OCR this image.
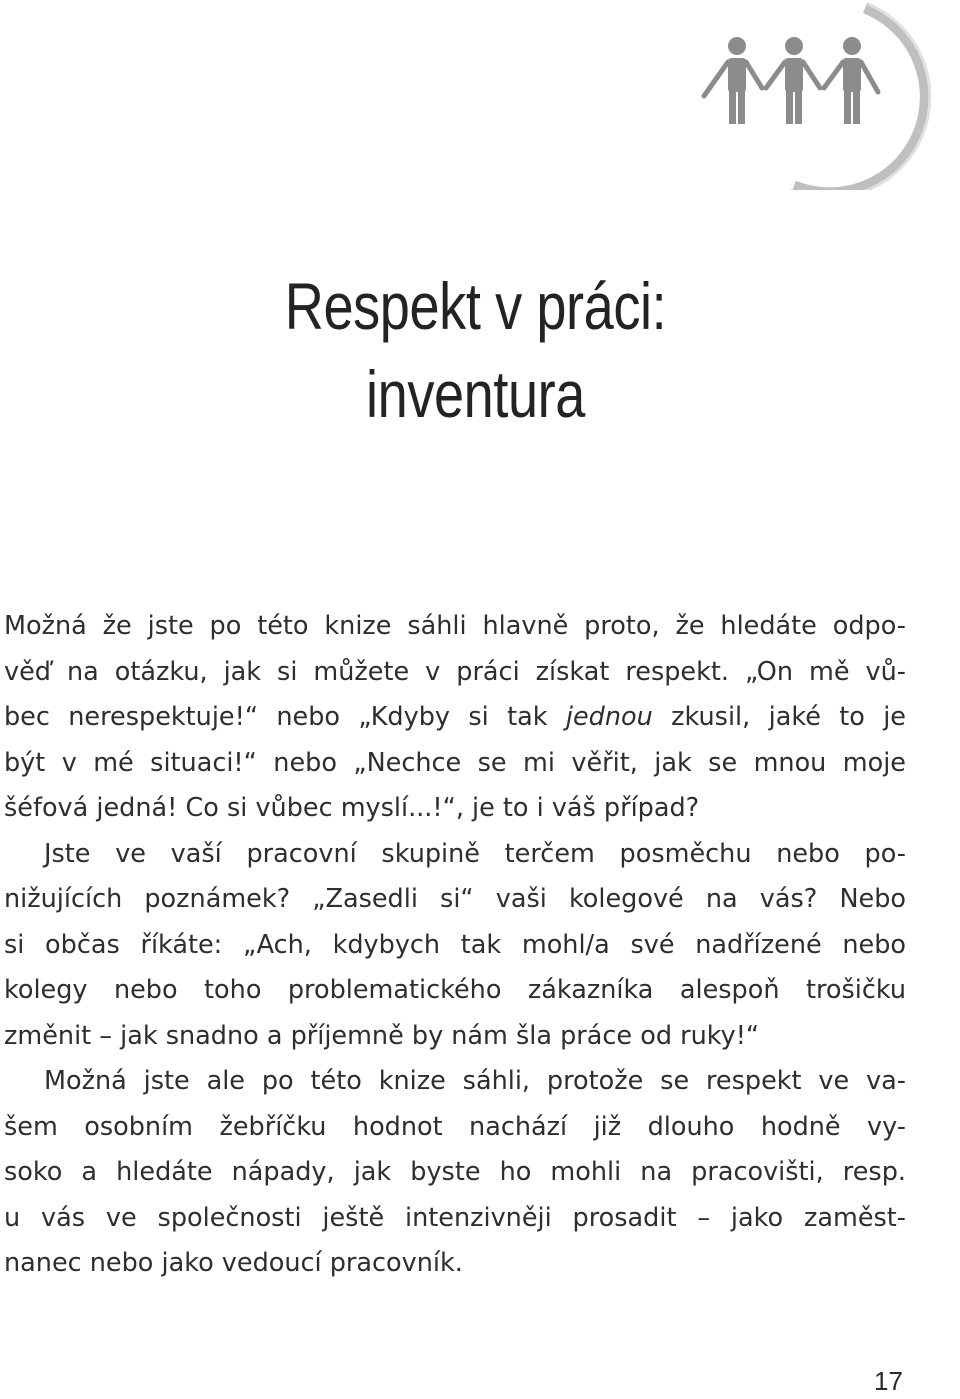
Respekt v práci:
inventura
Možná že jste po této knize sáhli hlavně proto, že hledáte odpo-
věď na otázku, jak si můžete v práci získat respekt. „On mě vů-
bec nerespektuje!“ nebo „Kdyby si tak jednou zkusil, jaké to je
být v mé situaci!“ nebo „Nechce se mi věřit, jak se mnou moje
šéfová jedná! Co si vůbec myslí...!“, je to i váš případ?
Jste ve vaší pracovní skupině terčem posměchu nebo po-
nižujících poznámek? „Zasedli si“ vaši kolegové na vás? Nebo
si občas říkáte: „Ach, kdybych tak mohl/a své nadřízené nebo
kolegy nebo toho problematického zákazníka alespoň trošičku
změnit – jak snadno a příjemně by nám šla práce od ruky!“
Možná jste ale po této knize sáhli, protože se respekt ve va-
šem osobním žebříčku hodnot nachází již dlouho hodně vy-
soko a hledáte nápady, jak byste ho mohli na pracovišti, resp.
u vás ve společnosti ještě intenzivněji prosadit – jako zaměst-
nanec nebo jako vedoucí pracovník.
17
